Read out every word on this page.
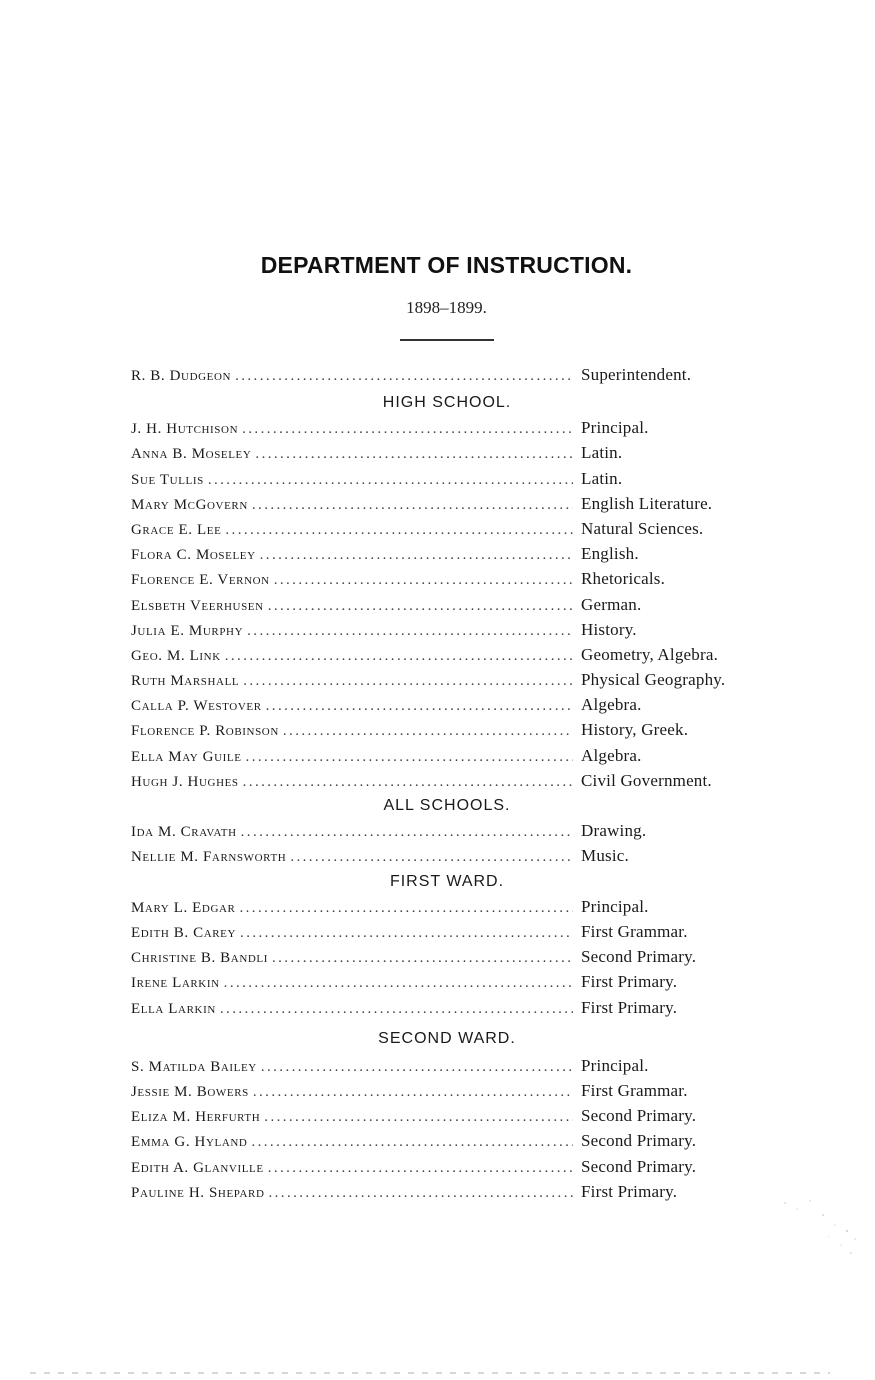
DEPARTMENT OF INSTRUCTION.
1898–1899.
R. B. Dudgeon .....	Superintendent.
HIGH SCHOOL.
J. H. Hutchison .....	Principal.
Anna B. Moseley .....	Latin.
Sue Tullis .....	Latin.
Mary McGovern .....	English Literature.
Grace E. Lee .....	Natural Sciences.
Flora C. Moseley .....	English.
Florence E. Vernon .....	Rhetoricals.
Elsbeth Veerhusen .....	German.
Julia E. Murphy .....	History.
Geo. M. Link .....	Geometry, Algebra.
Ruth Marshall .....	Physical Geography.
Calla P. Westover .....	Algebra.
Florence P. Robinson .....	History, Greek.
Ella May Guile .....	Algebra.
Hugh J. Hughes .....	Civil Government.
ALL SCHOOLS.
Ida M. Cravath .....	Drawing.
Nellie M. Farnsworth .....	Music.
FIRST WARD.
Mary L. Edgar .....	Principal.
Edith B. Carey .....	First Grammar.
Christine B. Bandli .....	Second Primary.
Irene Larkin .....	First Primary.
Ella Larkin .....	First Primary.
SECOND WARD.
S. Matilda Bailey .....	Principal.
Jessie M. Bowers .....	First Grammar.
Eliza M. Herfurth .....	Second Primary.
Emma G. Hyland .....	Second Primary.
Edith A. Glanville .....	Second Primary.
Pauline H. Shepard .....	First Primary.
